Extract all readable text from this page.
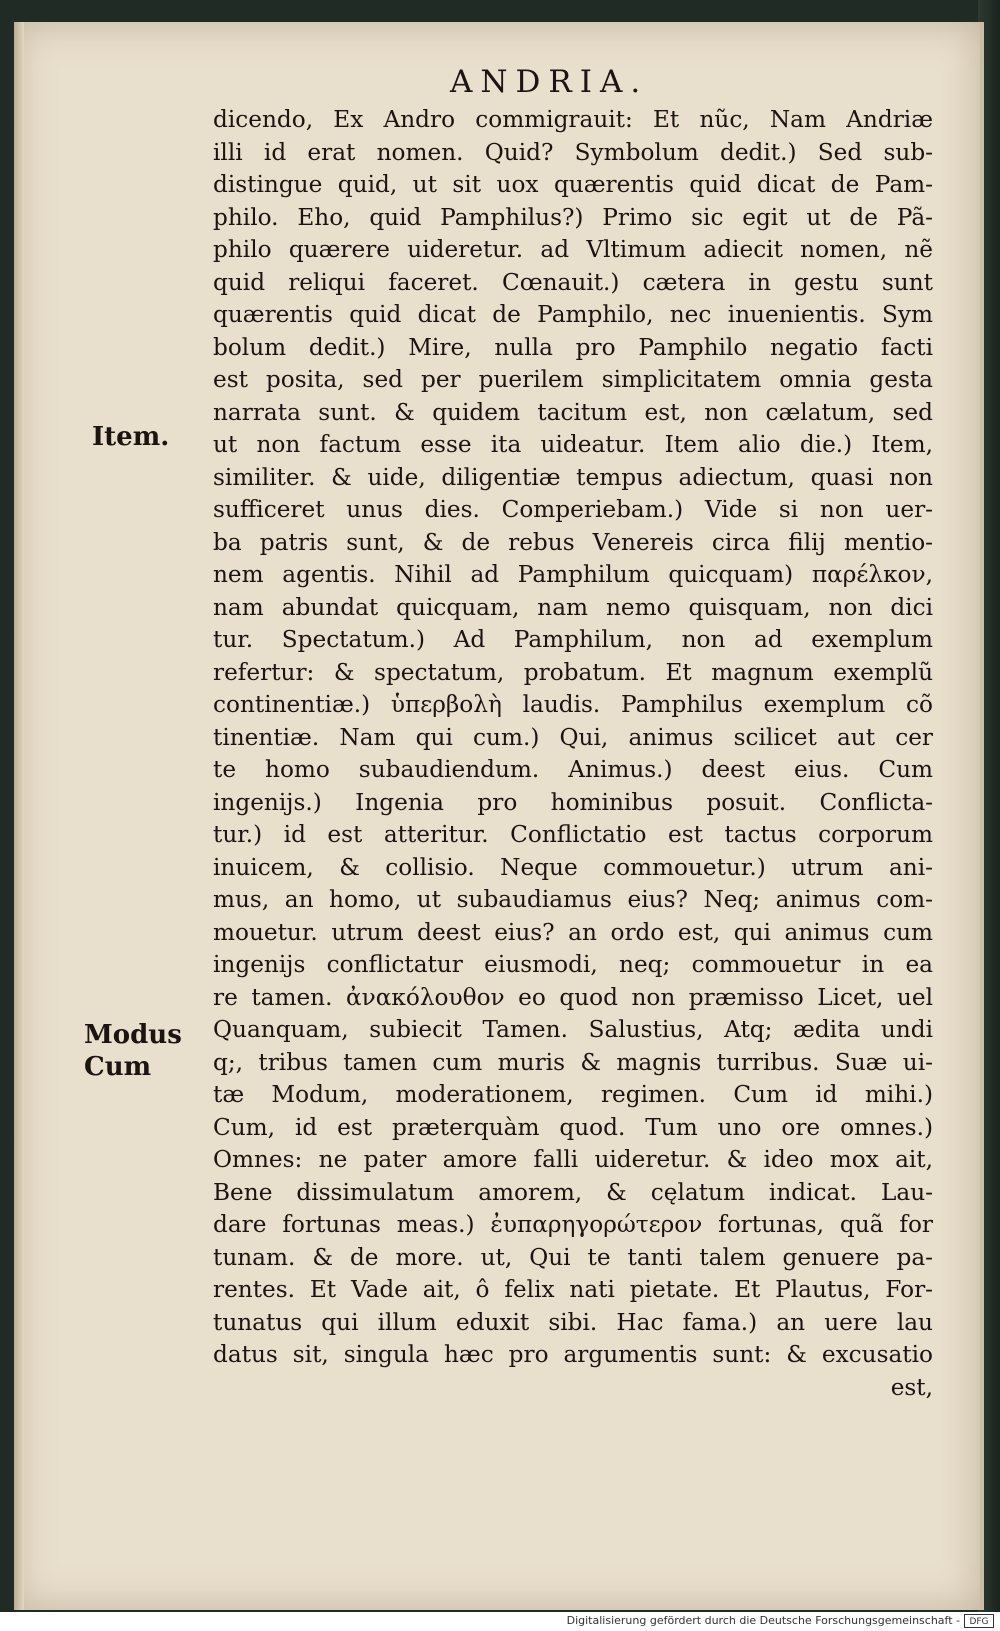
ANDRIA.
Item.
Modus
Cum
dicendo, Ex Andro commigrauit: Et nũc, Nam Andriæ
illi id erat nomen. Quid? Symbolum dedit.) Sed sub-
distingue quid, ut sit uox quærentis quid dicat de Pam-
philo. Eho, quid Pamphilus?) Primo sic egit ut de Pã-
philo quærere uideretur. ad Vltimum adiecit nomen, nẽ
quid reliqui faceret. Cœnauit.) cætera in gestu sunt
quærentis quid dicat de Pamphilo, nec inuenientis. Sym
bolum dedit.) Mire, nulla pro Pamphilo negatio facti
est posita, sed per puerilem simplicitatem omnia gesta
narrata sunt. & quidem tacitum est, non cælatum, sed
ut non factum esse ita uideatur. Item alio die.) Item,
similiter. & uide, diligentiæ tempus adiectum, quasi non
sufficeret unus dies. Comperiebam.) Vide si non uer-
ba patris sunt, & de rebus Venereis circa filij mentio-
nem agentis. Nihil ad Pamphilum quicquam) παρέλκον,
nam abundat quicquam, nam nemo quisquam, non dici
tur. Spectatum.) Ad Pamphilum, non ad exemplum
refertur: & spectatum, probatum. Et magnum exemplũ
continentiæ.) ὑπερβολὴ laudis. Pamphilus exemplum cõ
tinentiæ. Nam qui cum.) Qui, animus scilicet aut cer
te homo subaudiendum. Animus.) deest eius. Cum
ingenijs.) Ingenia pro hominibus posuit. Conflicta-
tur.) id est atteritur. Conflictatio est tactus corporum
inuicem, & collisio. Neque commouetur.) utrum ani-
mus, an homo, ut subaudiamus eius? Neq; animus com-
mouetur. utrum deest eius? an ordo est, qui animus cum
ingenijs conflictatur eiusmodi, neq; commouetur in ea
re tamen. ἀνακόλουθον eo quod non præmisso Licet, uel
Quanquam, subiecit Tamen. Salustius, Atq; ædita undi
q;, tribus tamen cum muris & magnis turribus. Suæ ui-
tæ Modum, moderationem, regimen. Cum id mihi.)
Cum, id est præterquàm quod. Tum uno ore omnes.)
Omnes: ne pater amore falli uideretur. & ideo mox ait,
Bene dissimulatum amorem, & cęlatum indicat. Lau-
dare fortunas meas.) ἐυπαρηγορώτερον fortunas, quã for
tunam. & de more. ut, Qui te tanti talem genuere pa-
rentes. Et Vade ait, ô felix nati pietate. Et Plautus, For-
tunatus qui illum eduxit sibi. Hac fama.) an uere lau
datus sit, singula hæc pro argumentis sunt: & excusatio
est,
Digitalisierung gefördert durch die Deutsche Forschungsgemeinschaft -	DFG
